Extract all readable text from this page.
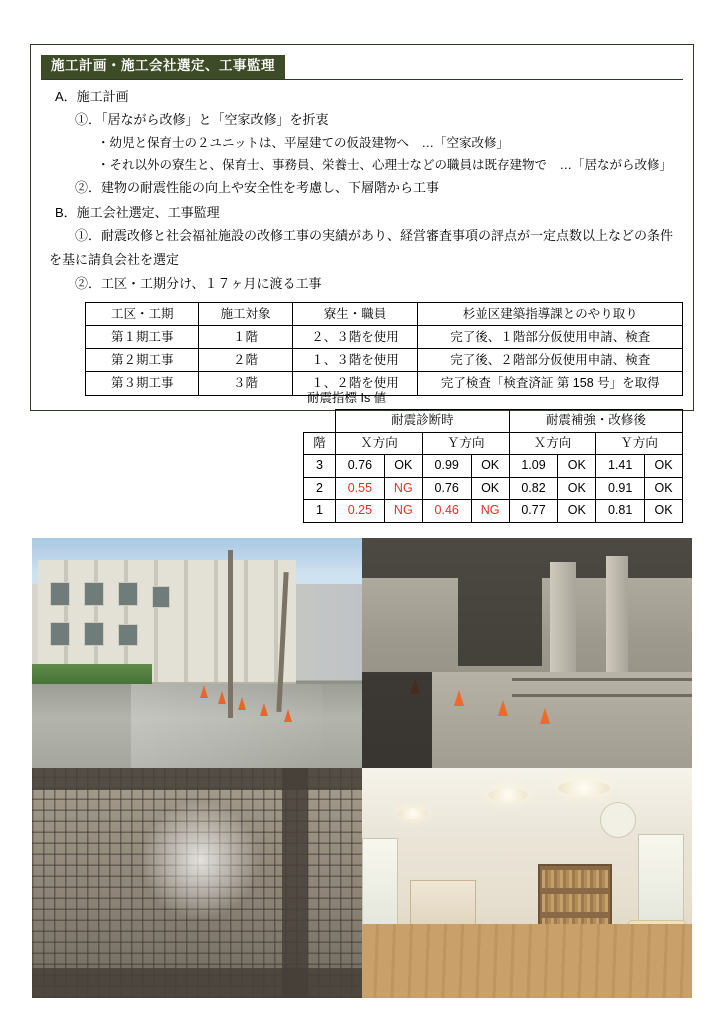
施工計画・施工会社選定、工事監理
A．施工計画
①．「居ながら改修」と「空家改修」を折衷
・幼児と保育士の２ユニットは、平屋建ての仮設建物へ　…「空家改修」
・それ以外の寮生と、保育士、事務員、栄養士、心理士などの職員は既存建物で　…「居ながら改修」
②．建物の耐震性能の向上や安全性を考慮し、下層階から工事
B．施工会社選定、工事監理
①．耐震改修と社会福祉施設の改修工事の実績があり、経営審査事項の評点が一定点数以上などの条件
を基に請負会社を選定
②．工区・工期分け、１７ヶ月に渡る工事
工区・工期	施工対象	寮生・職員	杉並区建築指導課とのやり取り
第１期工事	１階	２、３階を使用	完了後、１階部分仮使用申請、検査
第２期工事	２階	１、３階を使用	完了後、２階部分仮使用申請、検査
第３期工事	３階	１、２階を使用	完了検査「検査済証 第 158 号」を取得
耐震指標 Is 値
	耐震診断時				耐震補強・改修後			
階	Ｘ方向		Ｙ方向		Ｘ方向		Ｙ方向	
3	0.76	OK	0.99	OK	1.09	OK	1.41	OK
2	0.55	NG	0.76	OK	0.82	OK	0.91	OK
1	0.25	NG	0.46	NG	0.77	OK	0.81	OK
